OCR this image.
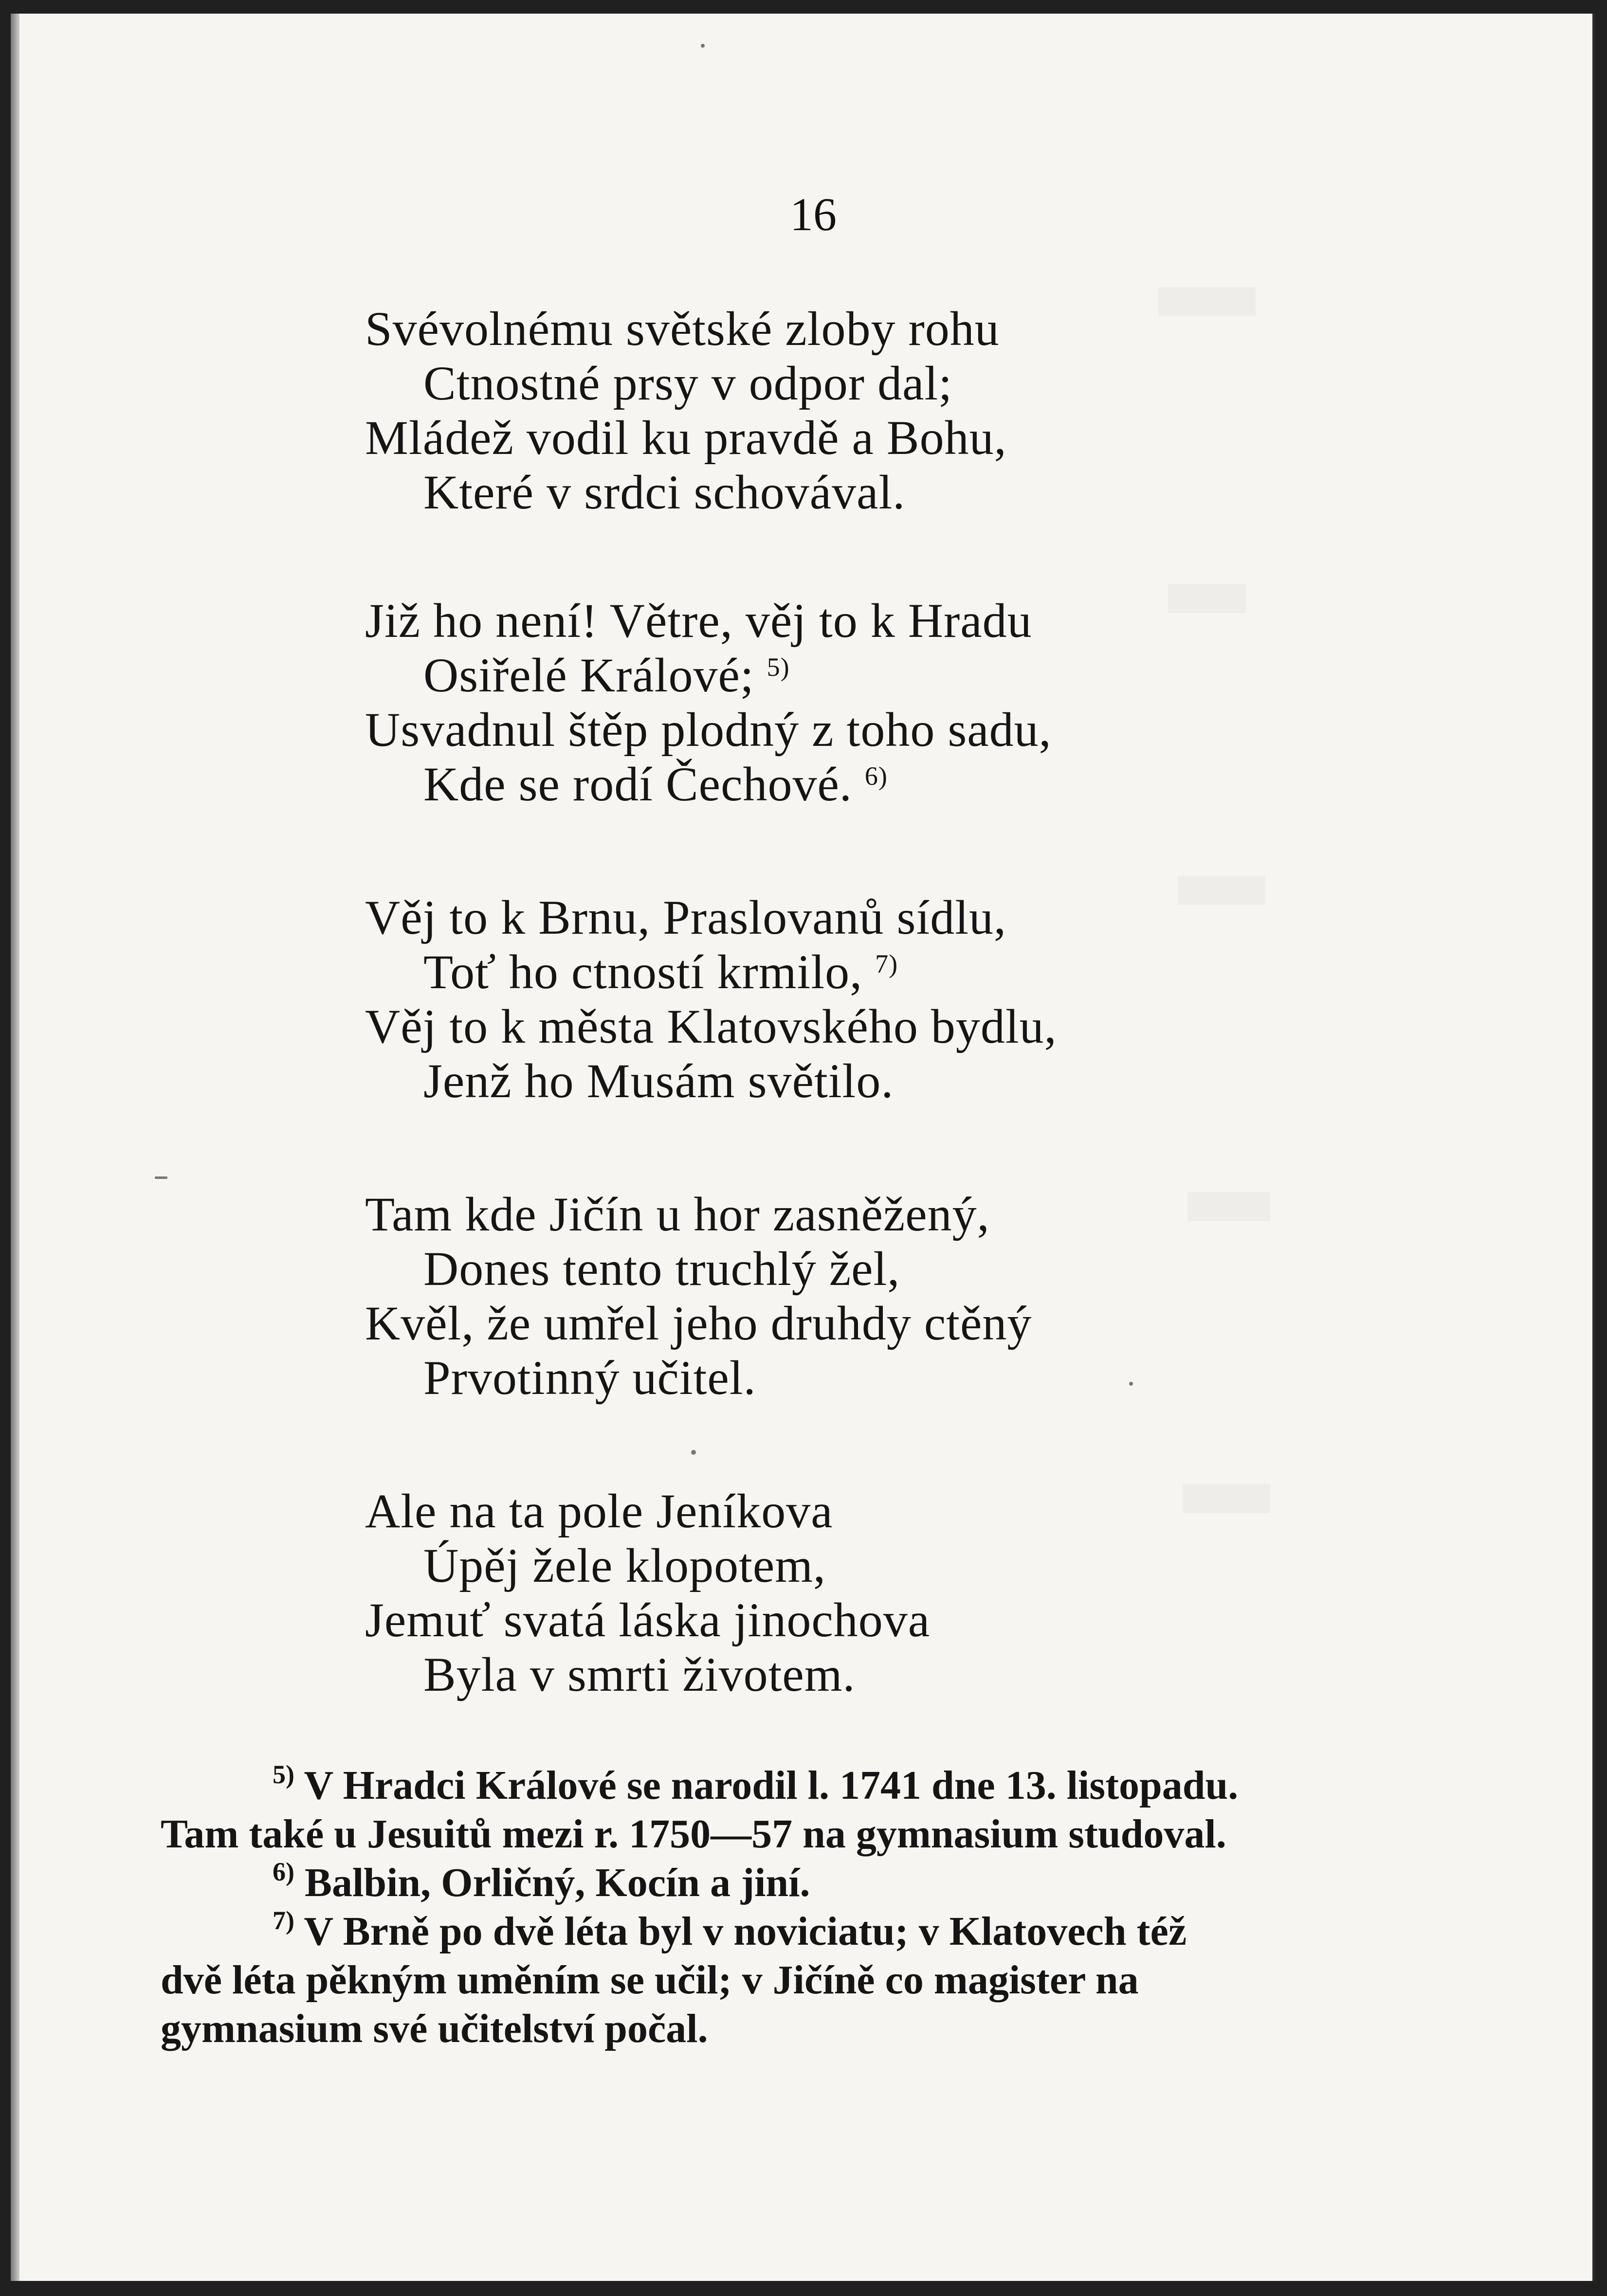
16
Svévolnému světské zloby rohu
Ctnostné prsy v odpor dal;
Mládež vodil ku pravdě a Bohu,
Které v srdci schovával.
Již ho není! Větre, věj to k Hradu
Osiřelé Králové; $^{5)}$
Usvadnul štěp plodný z toho sadu,
Kde se rodí Čechové. $^{6)}$
Věj to k Brnu, Praslovanů sídlu,
Toť ho ctností krmilo, $^{7)}$
Věj to k města Klatovského bydlu,
Jenž ho Musám světilo.
Tam kde Jičín u hor zasněžený,
Dones tento truchlý žel,
Kvěl, že umřel jeho druhdy ctěný
Prvotinný učitel.
Ale na ta pole Jeníkova
Úpěj žele klopotem,
Jemuť svatá láska jinochova
Byla v smrti životem.
$^{5)}$ V Hradci Králové se narodil l. 1741 dne 13. listopadu.
Tam také u Jesuitů mezi r. 1750—57 na gymnasium studoval.
$^{6)}$ Balbin, Orličný, Kocín a jiní.
$^{7)}$ V Brně po dvě léta byl v noviciatu; v Klatovech též
dvě léta pěkným uměním se učil; v Jičíně co magister na
gymnasium své učitelství počal.
